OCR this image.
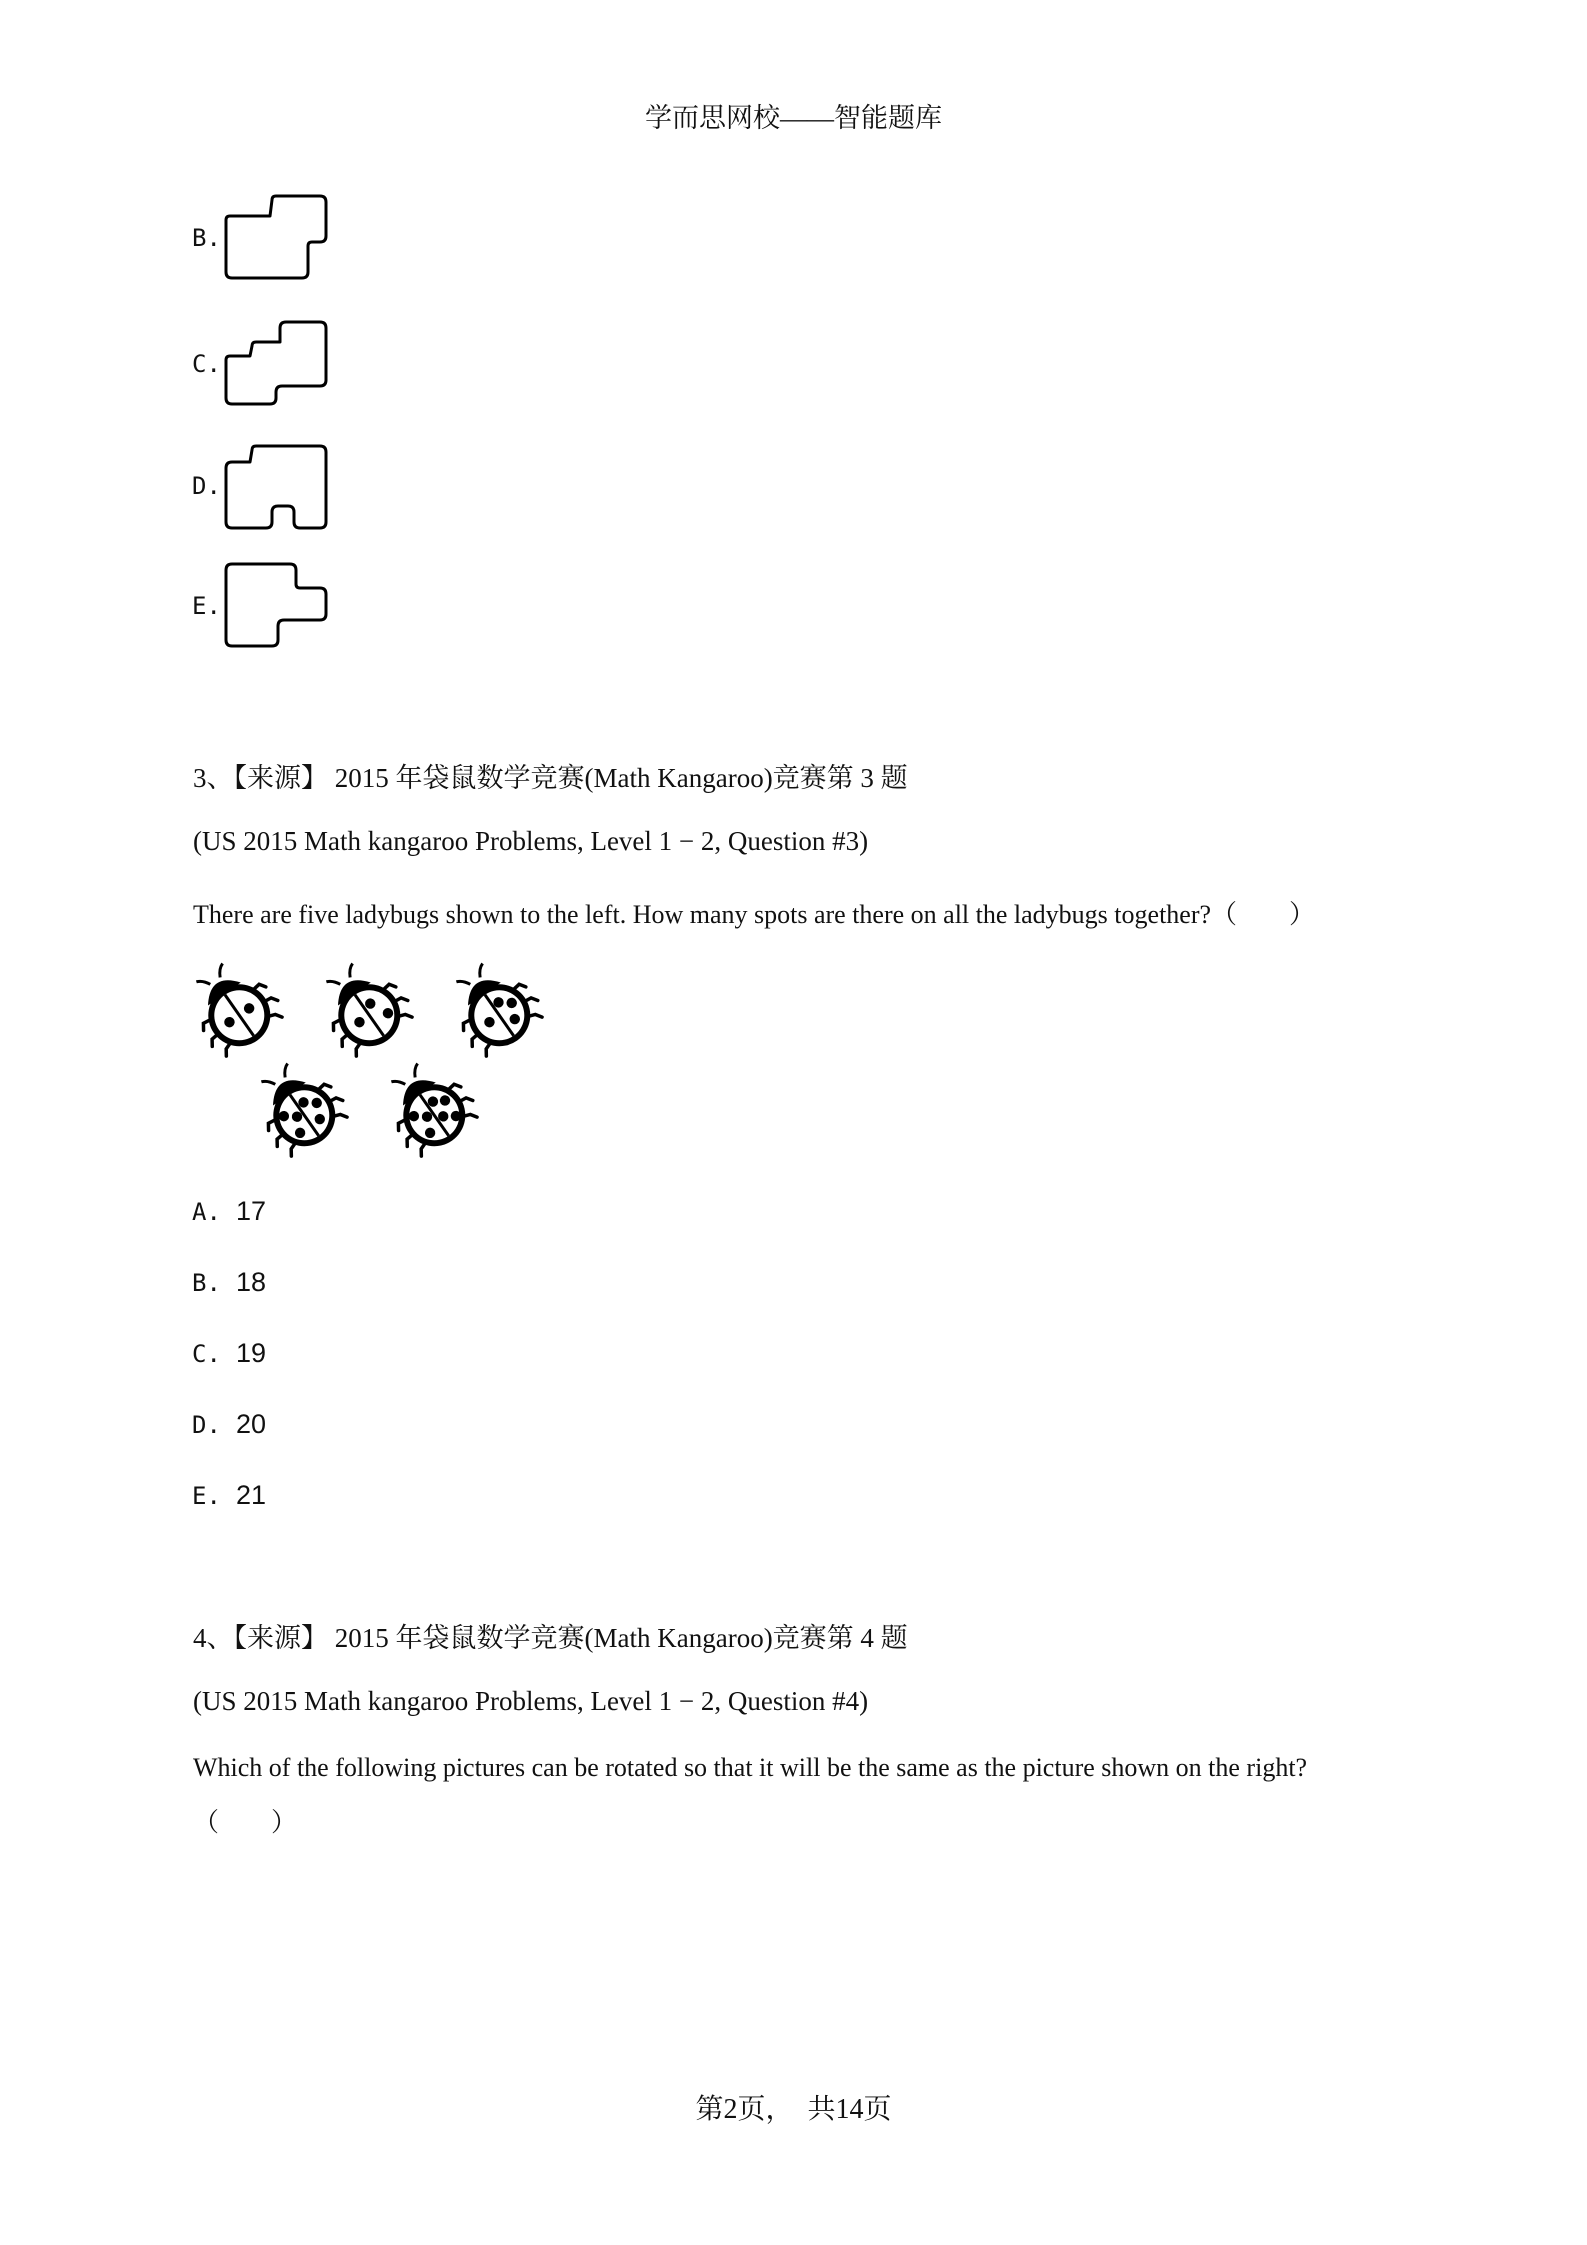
学而思网校——智能题库
B.
C.
D.
E.
3、【来源】 2015 年袋鼠数学竞赛(Math Kangaroo)竞赛第 3 题
(US 2015 Math kangaroo Problems, Level 1 − 2, Question #3)
There are five ladybugs shown to the left. How many spots are there on all the ladybugs together?（　　）
A. 17
B. 18
C. 19
D. 20
E. 21
4、【来源】 2015 年袋鼠数学竞赛(Math Kangaroo)竞赛第 4 题
(US 2015 Math kangaroo Problems, Level 1 − 2, Question #4)
Which of the following pictures can be rotated so that it will be the same as the picture shown on the right?
（　　）
第2页，　共14页
